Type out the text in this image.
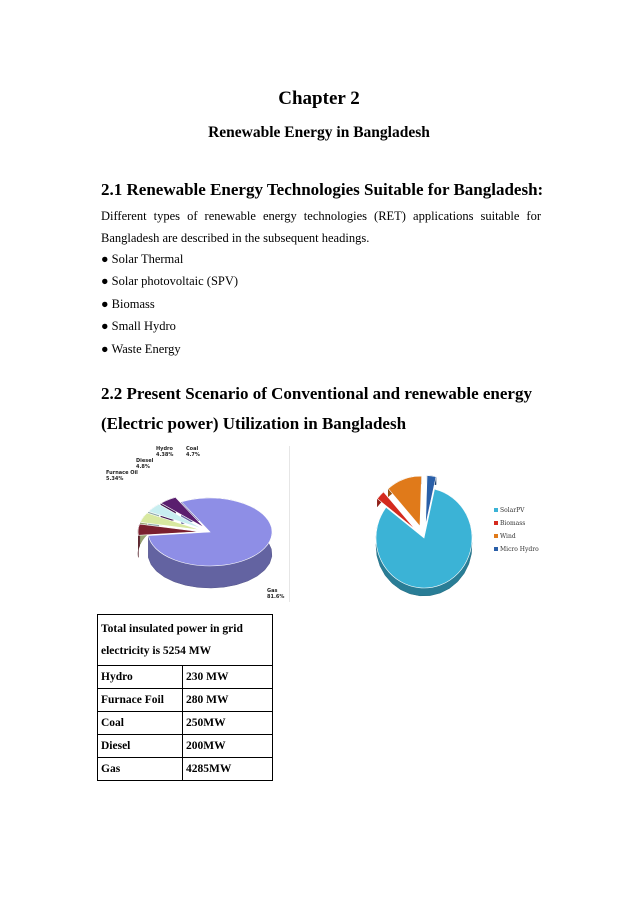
Chapter 2
Renewable Energy in Bangladesh
2.1 Renewable Energy Technologies Suitable for Bangladesh:
Different types of renewable energy technologies (RET) applications suitable for
Bangladesh are described in the subsequent headings.
● Solar Thermal
● Solar photovoltaic (SPV)
● Biomass
● Small Hydro
● Waste Energy
2.2 Present Scenario of Conventional and renewable energy
(Electric power) Utilization in Bangladesh
Gas 81.6%
Furnace Oil 5.34%
Diesel 4.8%
Hydro 4.38%
Coal 4.7%
SolarPV
Biomass
Wind
Micro Hydro
Total insulated power in grid electricity is 5254 MW	
Hydro	230 MW
Furnace Foil	280 MW
Coal	250MW
Diesel	200MW
Gas	4285MW
